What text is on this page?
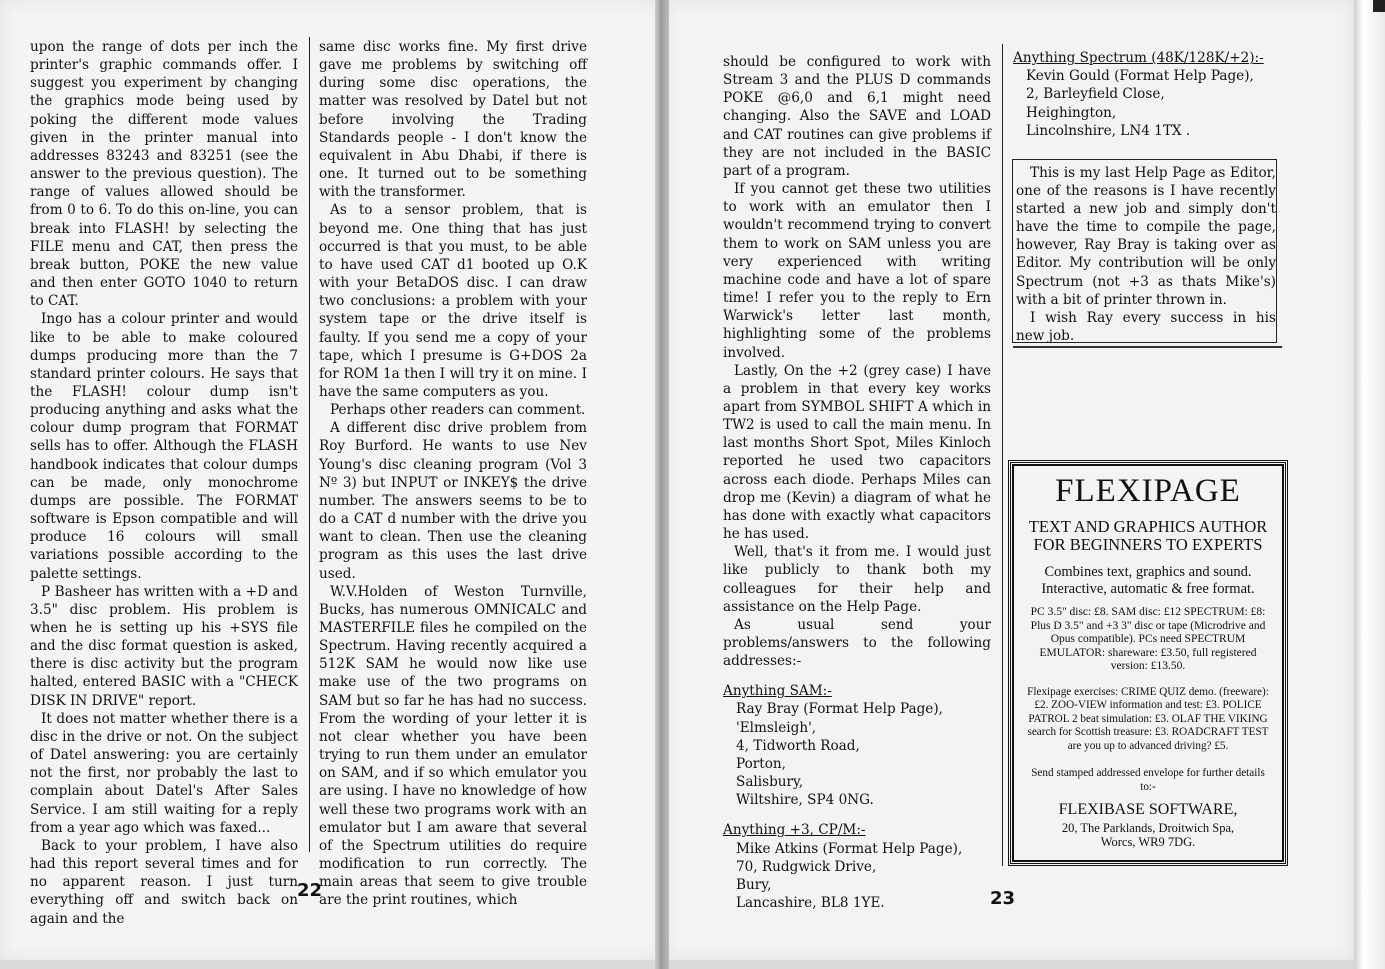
upon the range of dots per inch the printer's graphic commands offer. I suggest you experiment by changing the graphics mode being used by poking the different mode values given in the printer manual into addresses 83243 and 83251 (see the answer to the previous question). The range of values allowed should be from 0 to 6. To do this on-line, you can break into FLASH! by selecting the FILE menu and CAT, then press the break button, POKE the new value and then enter GOTO 1040 to return to CAT.

Ingo has a colour printer and would like to be able to make coloured dumps producing more than the 7 standard printer colours. He says that the FLASH! colour dump isn't producing anything and asks what the colour dump program that FORMAT sells has to offer. Although the FLASH handbook indicates that colour dumps can be made, only monochrome dumps are possible. The FORMAT software is Epson compatible and will produce 16 colours will small variations possible according to the palette settings.

P Basheer has written with a +D and 3.5" disc problem. His problem is when he is setting up his +SYS file and the disc format question is asked, there is disc activity but the program halted, entered BASIC with a "CHECK DISK IN DRIVE" report.

It does not matter whether there is a disc in the drive or not. On the subject of Datel answering: you are certainly not the first, nor probably the last to complain about Datel's After Sales Service. I am still waiting for a reply from a year ago which was faxed...

Back to your problem, I have also had this report several times and for no apparent reason. I just turn everything off and switch back on again and the

same disc works fine. My first drive gave me problems by switching off during some disc operations, the matter was resolved by Datel but not before involving the Trading Standards people - I don't know the equivalent in Abu Dhabi, if there is one. It turned out to be something with the transformer.

As to a sensor problem, that is beyond me. One thing that has just occurred is that you must, to be able to have used CAT d1 booted up O.K with your BetaDOS disc. I can draw two conclusions: a problem with your system tape or the drive itself is faulty. If you send me a copy of your tape, which I presume is G+DOS 2a for ROM 1a then I will try it on mine. I have the same computers as you.

Perhaps other readers can comment.

A different disc drive problem from Roy Burford. He wants to use Nev Young's disc cleaning program (Vol 3 Nº 3) but INPUT or INKEY$ the drive number. The answers seems to be to do a CAT d number with the drive you want to clean. Then use the cleaning program as this uses the last drive used.

W.V.Holden of Weston Turnville, Bucks, has numerous OMNICALC and MASTERFILE files he compiled on the Spectrum. Having recently acquired a 512K SAM he would now like use make use of the two programs on SAM but so far he has had no success. From the wording of your letter it is not clear whether you have been trying to run them under an emulator on SAM, and if so which emulator you are using. I have no knowledge of how well these two programs work with an emulator but I am aware that several of the Spectrum utilities do require modification to run correctly. The main areas that seem to give trouble are the print routines, which

22

should be configured to work with Stream 3 and the PLUS D commands POKE @6,0 and 6,1 might need changing. Also the SAVE and LOAD and CAT routines can give problems if they are not included in the BASIC part of a program.

If you cannot get these two utilities to work with an emulator then I wouldn't recommend trying to convert them to work on SAM unless you are very experienced with writing machine code and have a lot of spare time! I refer you to the reply to Ern Warwick's letter last month, highlighting some of the problems involved.

Lastly, On the +2 (grey case) I have a problem in that every key works apart from SYMBOL SHIFT A which in TW2 is used to call the main menu. In last months Short Spot, Miles Kinloch reported he used two capacitors across each diode. Perhaps Miles can drop me (Kevin) a diagram of what he has done with exactly what capacitors he has used.

Well, that's it from me. I would just like publicly to thank both my colleagues for their help and assistance on the Help Page.

As usual send your problems/answers to the following addresses:-

Anything SAM:-

Ray Bray (Format Help Page),

'Elmsleigh',

4, Tidworth Road,

Porton,

Salisbury,

Wiltshire, SP4 0NG.

Anything +3, CP/M:-

Mike Atkins (Format Help Page),

70, Rudgwick Drive,

Bury,

Lancashire, BL8 1YE.

Anything Spectrum (48K/128K/+2):-

Kevin Gould (Format Help Page),

2, Barleyfield Close,

Heighington,

Lincolnshire, LN4 1TX .

This is my last Help Page as Editor, one of the reasons is I have recently started a new job and simply don't have the time to compile the page, however, Ray Bray is taking over as Editor. My contribution will be only Spectrum (not +3 as thats Mike's) with a bit of printer thrown in.

I wish Ray every success in his new job.

FLEXIPAGE
TEXT AND GRAPHICS AUTHOR FOR BEGINNERS TO EXPERTS
Combines text, graphics and sound. Interactive, automatic & free format.
PC 3.5" disc: £8. SAM disc: £12 SPECTRUM: £8: Plus D 3.5" and +3 3" disc or tape (Microdrive and Opus compatible). PCs need SPECTRUM EMULATOR: shareware: £3.50, full registered version: £13.50.
Flexipage exercises: CRIME QUIZ demo. (freeware): £2. ZOO-VIEW information and test: £3. POLICE PATROL 2 beat simulation: £3. OLAF THE VIKING search for Scottish treasure: £3. ROADCRAFT TEST are you up to advanced driving? £5.
Send stamped addressed envelope for further details to:-
FLEXIBASE SOFTWARE,
20, The Parklands, Droitwich Spa,
Worcs, WR9 7DG.
23
